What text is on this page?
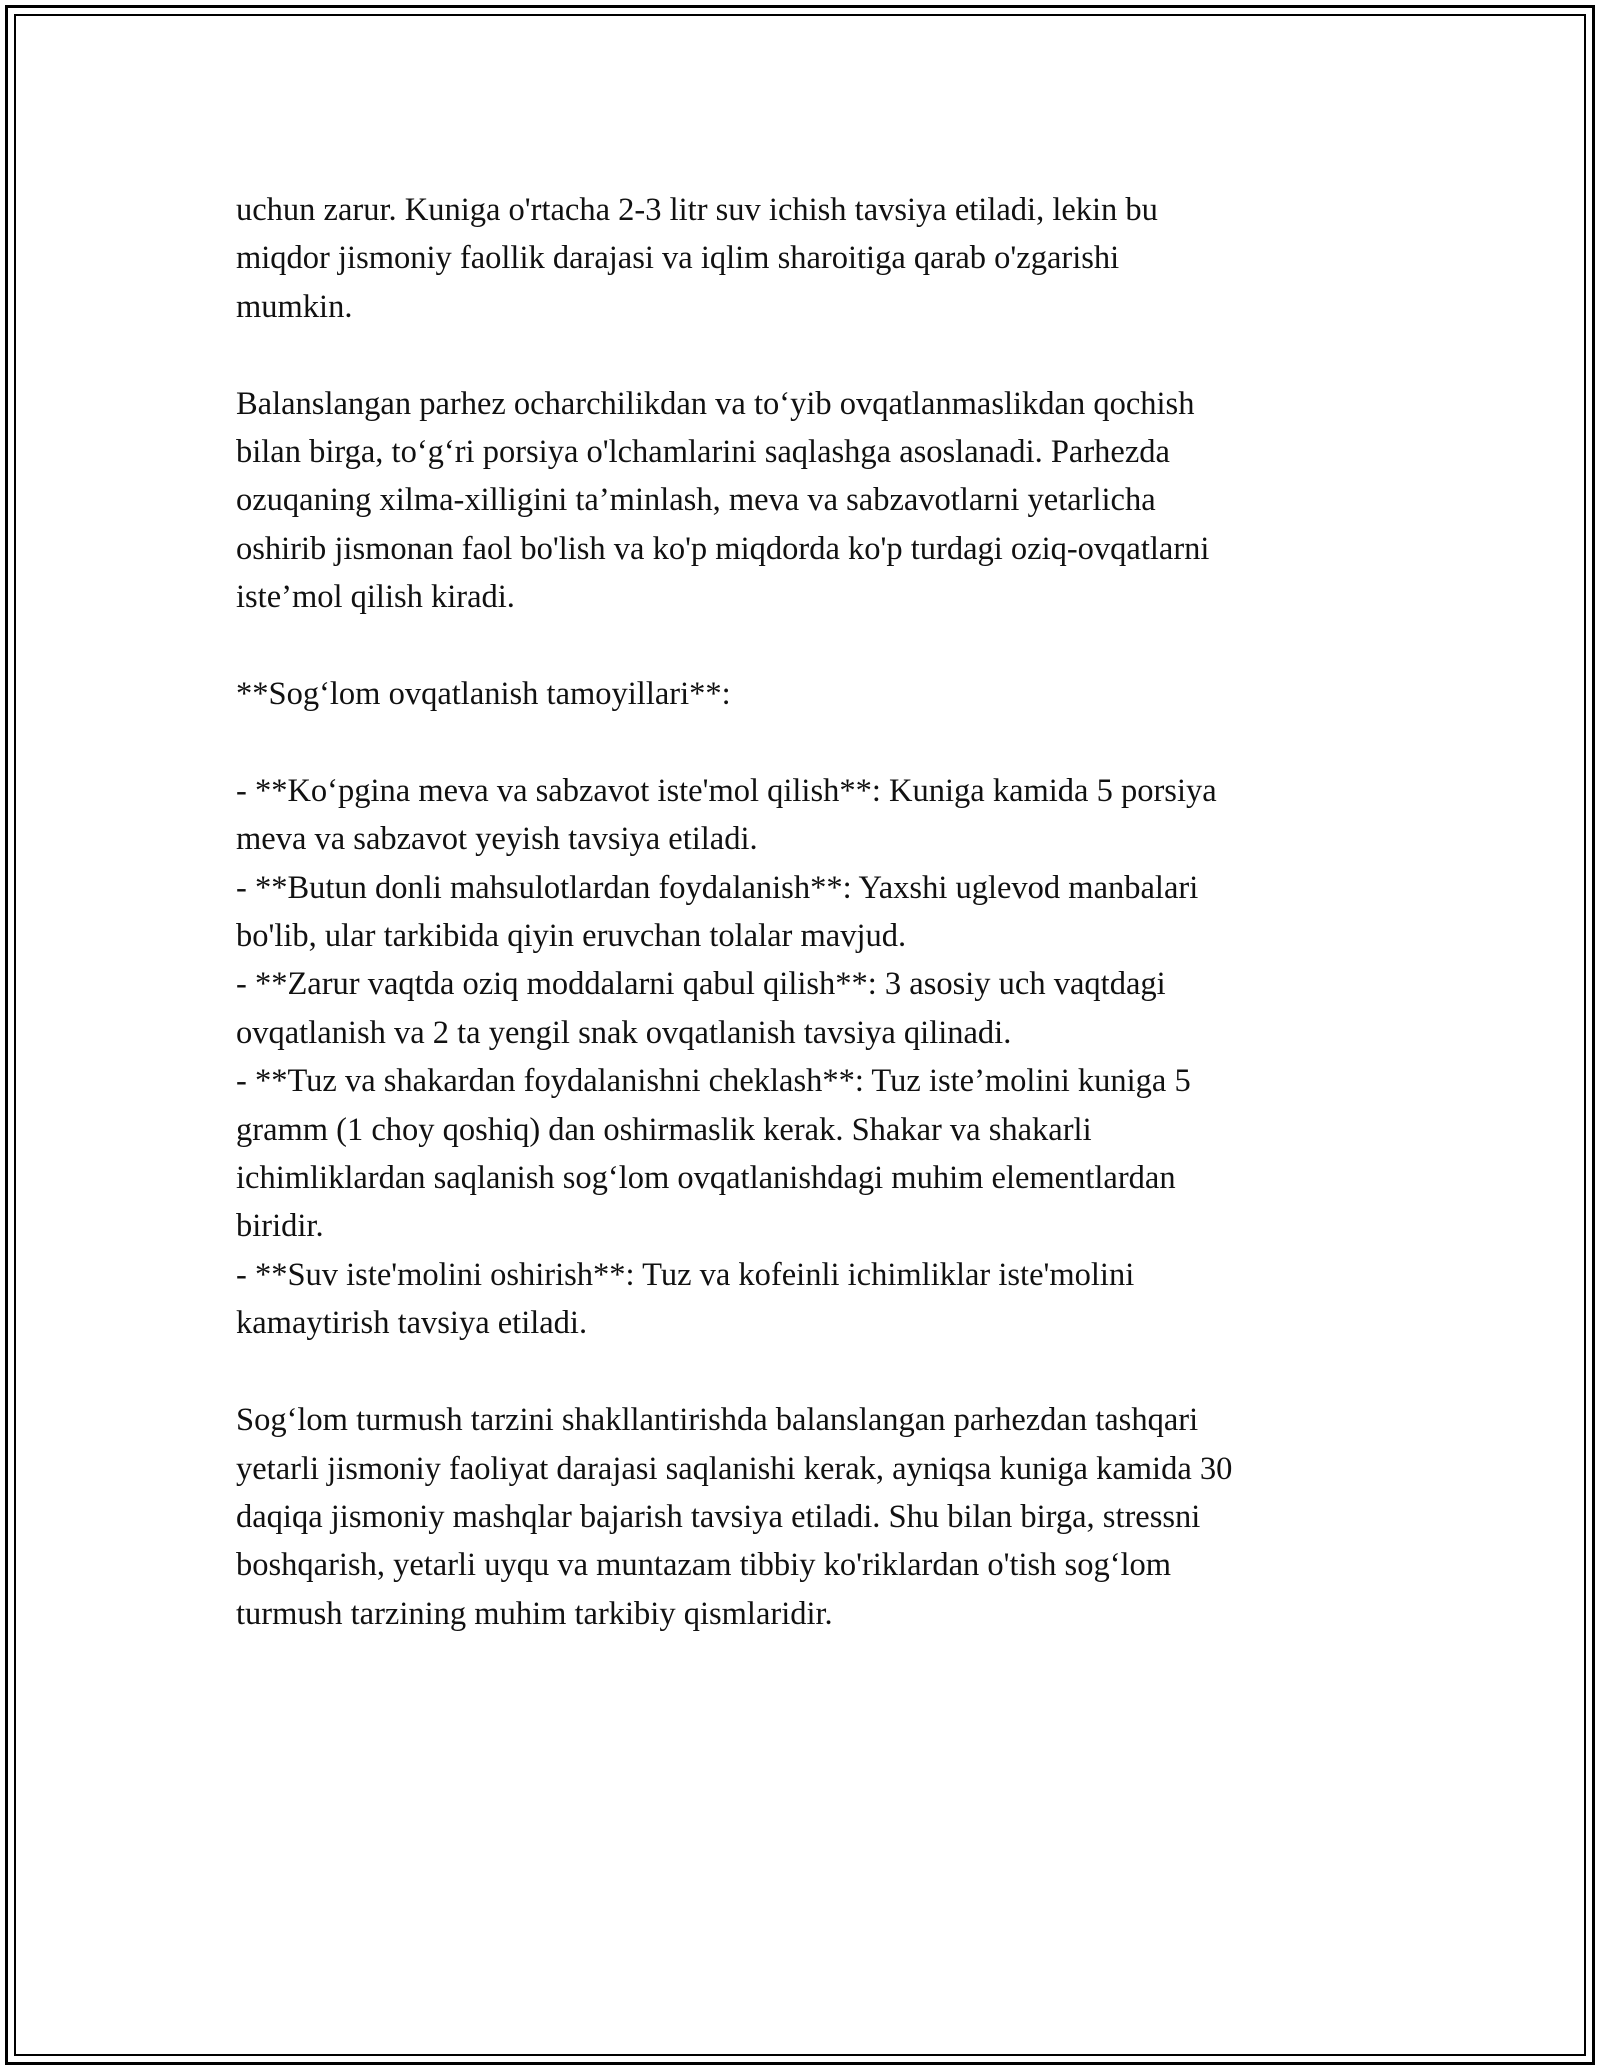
uchun zarur. Kuniga o'rtacha 2-3 litr suv ichish tavsiya etiladi, lekin bu
miqdor jismoniy faollik darajasi va iqlim sharoitiga qarab o'zgarishi
mumkin.

Balanslangan parhez ocharchilikdan va to‘yib ovqatlanmaslikdan qochish
bilan birga, to‘g‘ri porsiya o'lchamlarini saqlashga asoslanadi. Parhezda
ozuqaning xilma-xilligini ta’minlash, meva va sabzavotlarni yetarlicha
oshirib jismonan faol bo'lish va ko'p miqdorda ko'p turdagi oziq-ovqatlarni
iste’mol qilish kiradi.

**Sog‘lom ovqatlanish tamoyillari**:

- **Ko‘pgina meva va sabzavot iste'mol qilish**: Kuniga kamida 5 porsiya
meva va sabzavot yeyish tavsiya etiladi.

- **Butun donli mahsulotlardan foydalanish**: Yaxshi uglevod manbalari
bo'lib, ular tarkibida qiyin eruvchan tolalar mavjud.

- **Zarur vaqtda oziq moddalarni qabul qilish**: 3 asosiy uch vaqtdagi
ovqatlanish va 2 ta yengil snak ovqatlanish tavsiya qilinadi.

- **Tuz va shakardan foydalanishni cheklash**: Tuz iste’molini kuniga 5
gramm (1 choy qoshiq) dan oshirmaslik kerak. Shakar va shakarli
ichimliklardan saqlanish sog‘lom ovqatlanishdagi muhim elementlardan
biridir.

- **Suv iste'molini oshirish**: Tuz va kofeinli ichimliklar iste'molini
kamaytirish tavsiya etiladi.

Sog‘lom turmush tarzini shakllantirishda balanslangan parhezdan tashqari
yetarli jismoniy faoliyat darajasi saqlanishi kerak, ayniqsa kuniga kamida 30
daqiqa jismoniy mashqlar bajarish tavsiya etiladi. Shu bilan birga, stressni
boshqarish, yetarli uyqu va muntazam tibbiy ko'riklardan o'tish sog‘lom
turmush tarzining muhim tarkibiy qismlaridir.
